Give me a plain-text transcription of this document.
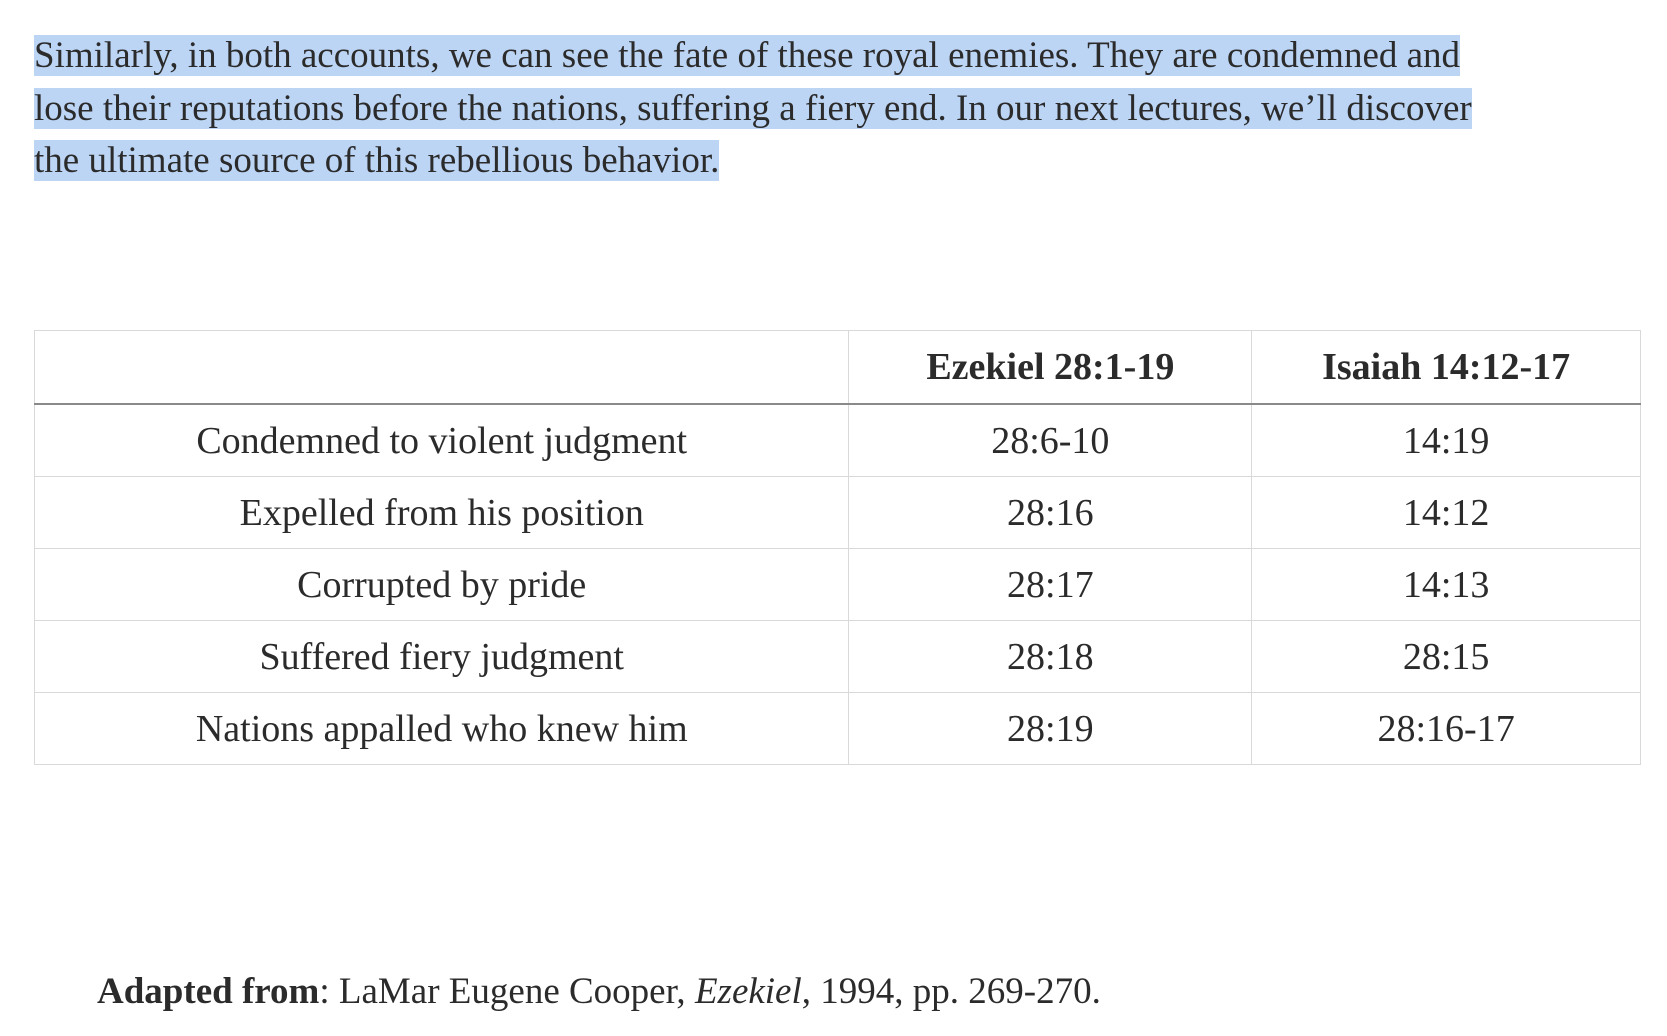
Similarly, in both accounts, we can see the fate of these royal enemies. They are condemned and
lose their reputations before the nations, suffering a fiery end. In our next lectures, we’ll discover
the ultimate source of this rebellious behavior.
	Ezekiel 28:1-19	Isaiah 14:12-17
Condemned to violent judgment	28:6-10	14:19
Expelled from his position	28:16	14:12
Corrupted by pride	28:17	14:13
Suffered fiery judgment	28:18	28:15
Nations appalled who knew him	28:19	28:16-17

Adapted from: LaMar Eugene Cooper, Ezekiel, 1994, pp. 269-270.
